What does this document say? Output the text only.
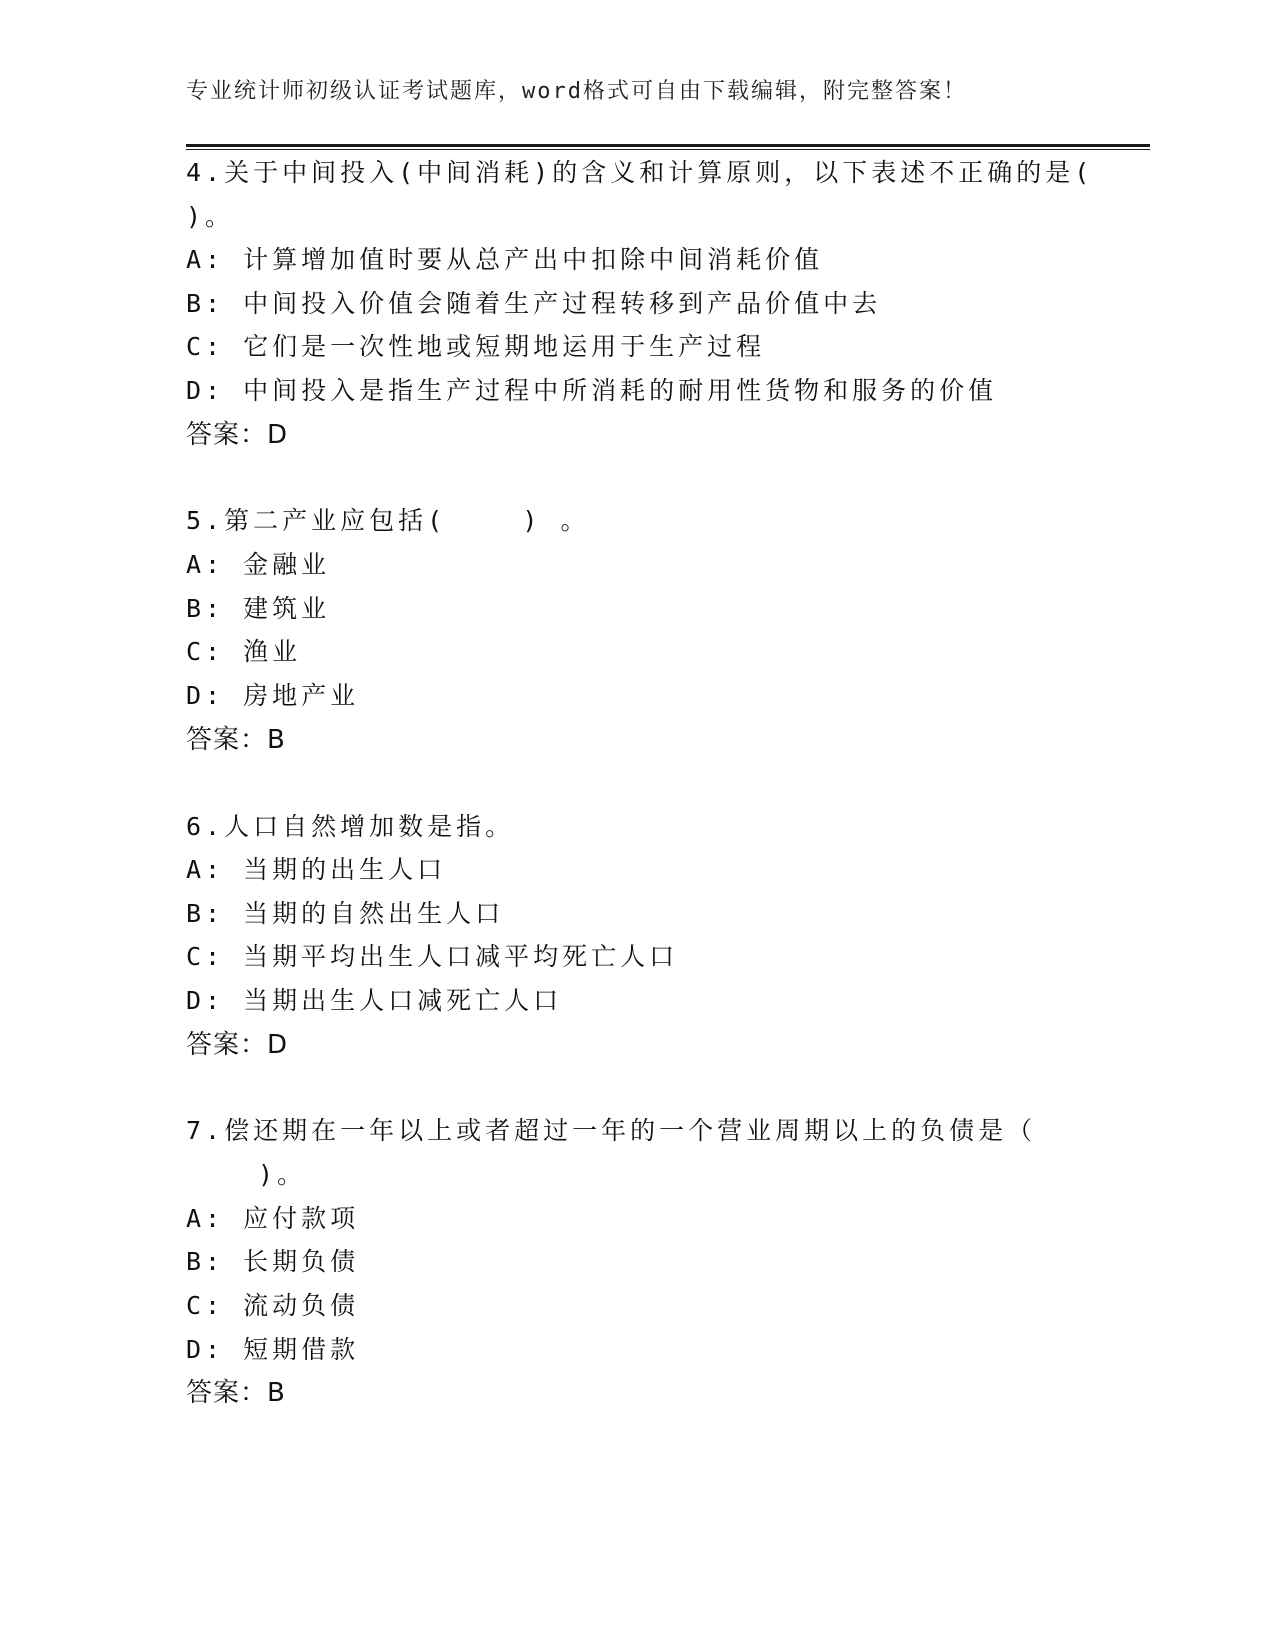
专业统计师初级认证考试题库，word格式可自由下载编辑，附完整答案！
4.关于中间投入(中间消耗)的含义和计算原则，以下表述不正确的是(
)。
A: 计算增加值时要从总产出中扣除中间消耗价值
B: 中间投入价值会随着生产过程转移到产品价值中去
C: 它们是一次性地或短期地运用于生产过程
D: 中间投入是指生产过程中所消耗的耐用性货物和服务的价值
答案：D
5.第二产业应包括(    ) 。
A: 金融业
B: 建筑业
C: 渔业
D: 房地产业
答案：B
6.人口自然增加数是指。
A: 当期的出生人口
B: 当期的自然出生人口
C: 当期平均出生人口减平均死亡人口
D: 当期出生人口减死亡人口
答案：D
7.偿还期在一年以上或者超过一年的一个营业周期以上的负债是（
)。
A: 应付款项
B: 长期负债
C: 流动负债
D: 短期借款
答案：B
